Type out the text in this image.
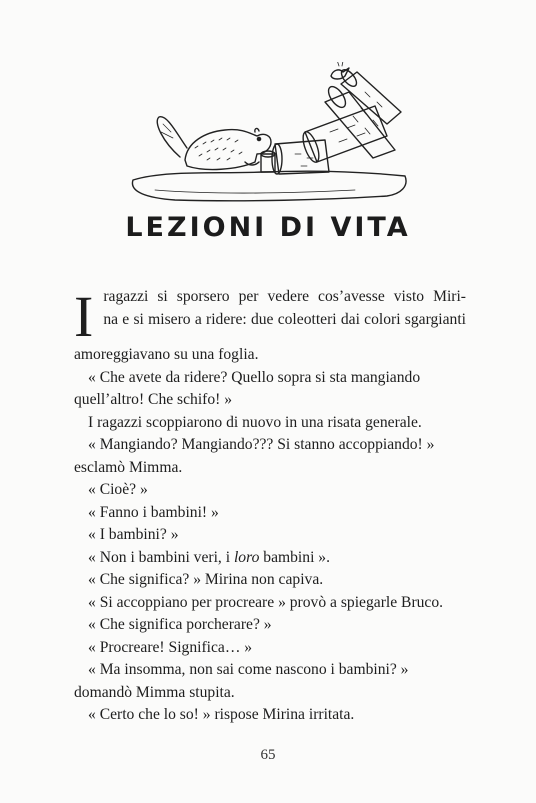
LEZIONI DI VITA
I ragazzi si sporsero per vedere cos’avesse visto Miri-
na e si misero a ridere: due coleotteri dai colori sgargianti
amoreggiavano su una foglia.
« Che avete da ridere? Quello sopra si sta mangiando
quell’altro! Che schifo! »
I ragazzi scoppiarono di nuovo in una risata generale.
« Mangiando? Mangiando??? Si stanno accoppiando! »
esclamò Mimma.
« Cioè? »
« Fanno i bambini! »
« I bambini? »
« Non i bambini veri, i loro bambini ».
« Che significa? » Mirina non capiva.
« Si accoppiano per procreare » provò a spiegarle Bruco.
« Che significa porcherare? »
« Procreare! Significa… »
« Ma insomma, non sai come nascono i bambini? »
domandò Mimma stupita.
« Certo che lo so! » rispose Mirina irritata.
65
